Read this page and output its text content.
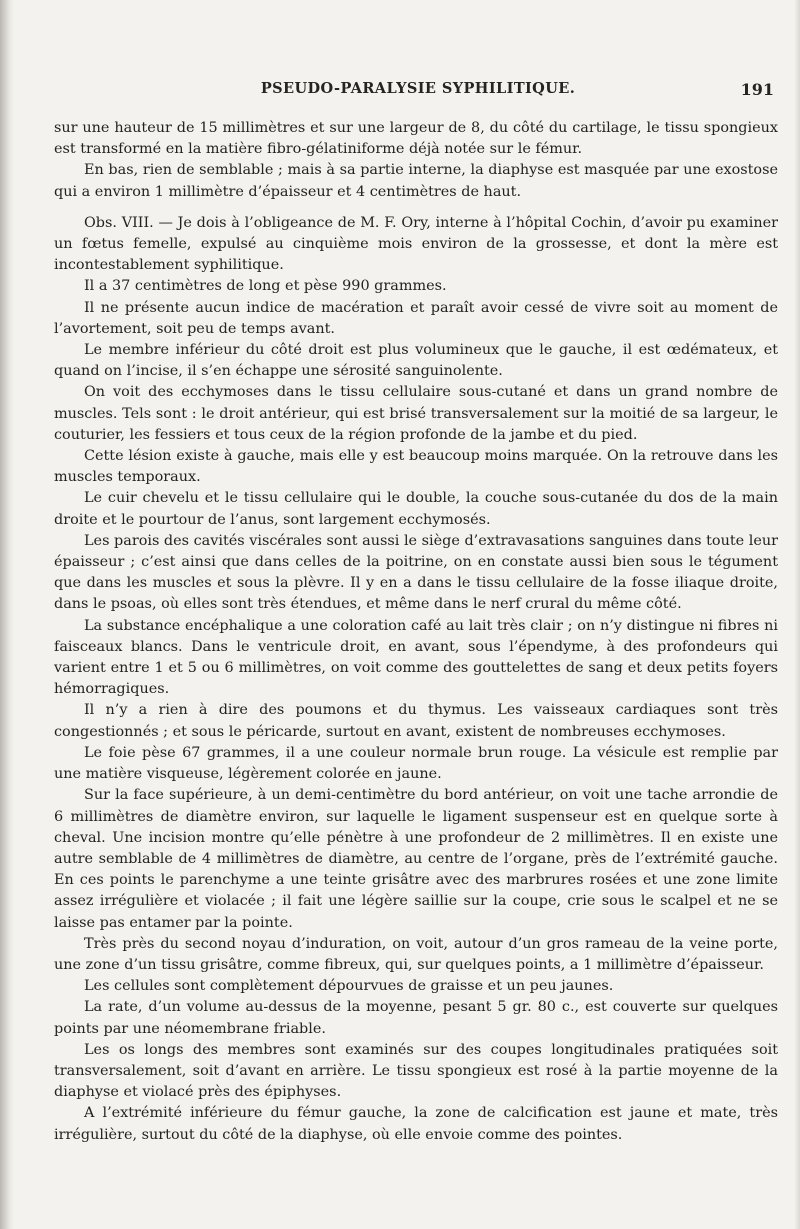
PSEUDO-PARALYSIE SYPHILITIQUE.	191

sur une hauteur de 15 millimètres et sur une largeur de 8, du côté du cartilage, le tissu spongieux est transformé en la matière fibro-gélatiniforme déjà notée sur le fémur.

En bas, rien de semblable ; mais à sa partie interne, la diaphyse est masquée par une exostose qui a environ 1 millimètre d’épaisseur et 4 centimètres de haut.

Obs. VIII. — Je dois à l’obligeance de M. F. Ory, interne à l’hôpital Cochin, d’avoir pu examiner un fœtus femelle, expulsé au cinquième mois environ de la grossesse, et dont la mère est incontestablement syphilitique.

Il a 37 centimètres de long et pèse 990 grammes.

Il ne présente aucun indice de macération et paraît avoir cessé de vivre soit au moment de l’avortement, soit peu de temps avant.

Le membre inférieur du côté droit est plus volumineux que le gauche, il est œdémateux, et quand on l’incise, il s’en échappe une sérosité sanguinolente.

On voit des ecchymoses dans le tissu cellulaire sous-cutané et dans un grand nombre de muscles. Tels sont : le droit antérieur, qui est brisé transversalement sur la moitié de sa largeur, le couturier, les fessiers et tous ceux de la région profonde de la jambe et du pied.

Cette lésion existe à gauche, mais elle y est beaucoup moins marquée. On la retrouve dans les muscles temporaux.

Le cuir chevelu et le tissu cellulaire qui le double, la couche sous-cutanée du dos de la main droite et le pourtour de l’anus, sont largement ecchymosés.

Les parois des cavités viscérales sont aussi le siège d’extravasations sanguines dans toute leur épaisseur ; c’est ainsi que dans celles de la poitrine, on en constate aussi bien sous le tégument que dans les muscles et sous la plèvre. Il y en a dans le tissu cellulaire de la fosse iliaque droite, dans le psoas, où elles sont très étendues, et même dans le nerf crural du même côté.

La substance encéphalique a une coloration café au lait très clair ; on n’y distingue ni fibres ni faisceaux blancs. Dans le ventricule droit, en avant, sous l’épendyme, à des profondeurs qui varient entre 1 et 5 ou 6 millimètres, on voit comme des gouttelettes de sang et deux petits foyers hémorragiques.

Il n’y a rien à dire des poumons et du thymus. Les vaisseaux cardiaques sont très congestionnés ; et sous le péricarde, surtout en avant, existent de nombreuses ecchymoses.

Le foie pèse 67 grammes, il a une couleur normale brun rouge. La vésicule est remplie par une matière visqueuse, légèrement colorée en jaune.

Sur la face supérieure, à un demi-centimètre du bord antérieur, on voit une tache arrondie de 6 millimètres de diamètre environ, sur laquelle le ligament suspenseur est en quelque sorte à cheval. Une incision montre qu’elle pénètre à une profondeur de 2 millimètres. Il en existe une autre semblable de 4 millimètres de diamètre, au centre de l’organe, près de l’extrémité gauche. En ces points le parenchyme a une teinte grisâtre avec des marbrures rosées et une zone limite assez irrégulière et violacée ; il fait une légère saillie sur la coupe, crie sous le scalpel et ne se laisse pas entamer par la pointe.

Très près du second noyau d’induration, on voit, autour d’un gros rameau de la veine porte, une zone d’un tissu grisâtre, comme fibreux, qui, sur quelques points, a 1 millimètre d’épaisseur.

Les cellules sont complètement dépourvues de graisse et un peu jaunes.

La rate, d’un volume au-dessus de la moyenne, pesant 5 gr. 80 c., est couverte sur quelques points par une néomembrane friable.

Les os longs des membres sont examinés sur des coupes longitudinales pratiquées soit transversalement, soit d’avant en arrière. Le tissu spongieux est rosé à la partie moyenne de la diaphyse et violacé près des épiphyses.

A l’extrémité inférieure du fémur gauche, la zone de calcification est jaune et mate, très irrégulière, surtout du côté de la diaphyse, où elle envoie comme des pointes.
